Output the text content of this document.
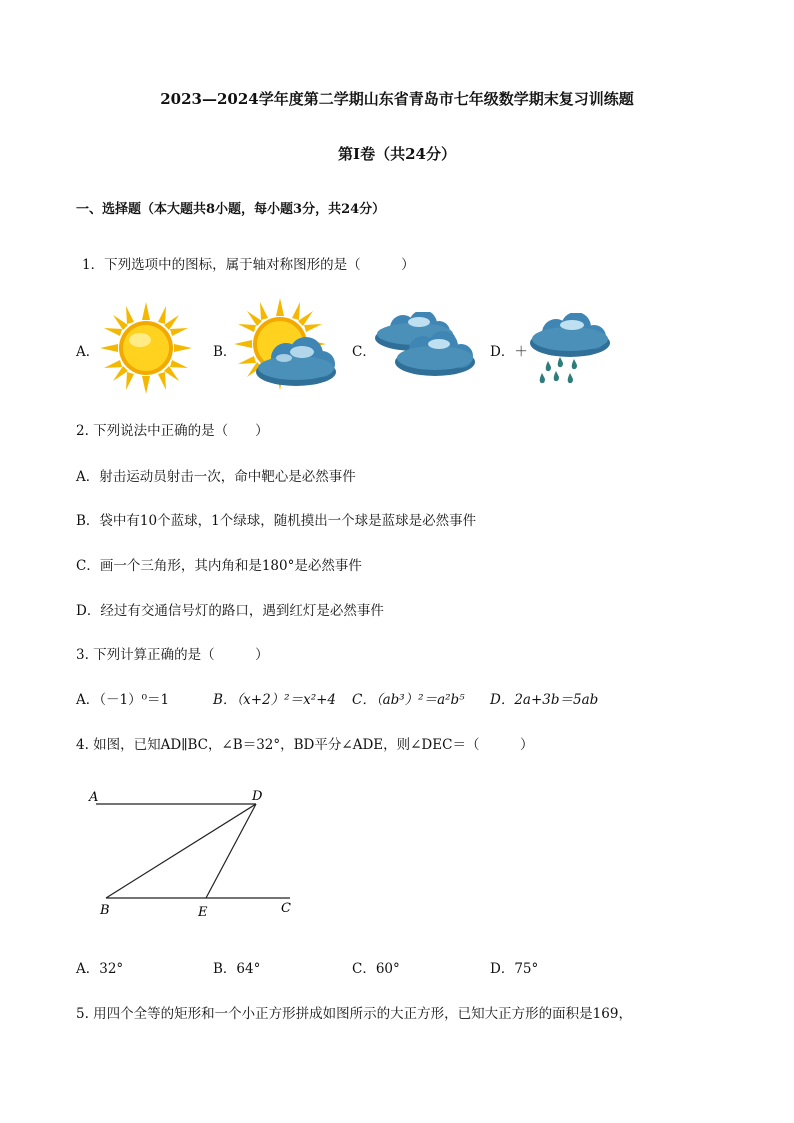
2023—2024学年度第二学期山东省青岛市七年级数学期末复习训练题
第Ⅰ卷（共24分）
一、选择题（本大题共8小题，每小题3分，共24分）
1．下列选项中的图标，属于轴对称图形的是（　　　）
A．	B．	C．	D．＋
2. 下列说法中正确的是（　　）
A．射击运动员射击一次，命中靶心是必然事件
B．袋中有10个蓝球，1个绿球，随机摸出一个球是蓝球是必然事件
C．画一个三角形，其内角和是180°是必然事件
D．经过有交通信号灯的路口，遇到红灯是必然事件
3. 下列计算正确的是（　　　）
A．（－1）⁰＝1	B．（x+2）²＝x²+4 C．（ab³）²＝a²b⁵ D．2a+3b＝5ab
4. 如图，已知AD∥BC，∠B＝32°，BD平分∠ADE，则∠DEC＝（　　　）
A	D
B	E	C
A．32°	B．64°	C．60°	D．75°
5. 用四个全等的矩形和一个小正方形拼成如图所示的大正方形，已知大正方形的面积是169，
